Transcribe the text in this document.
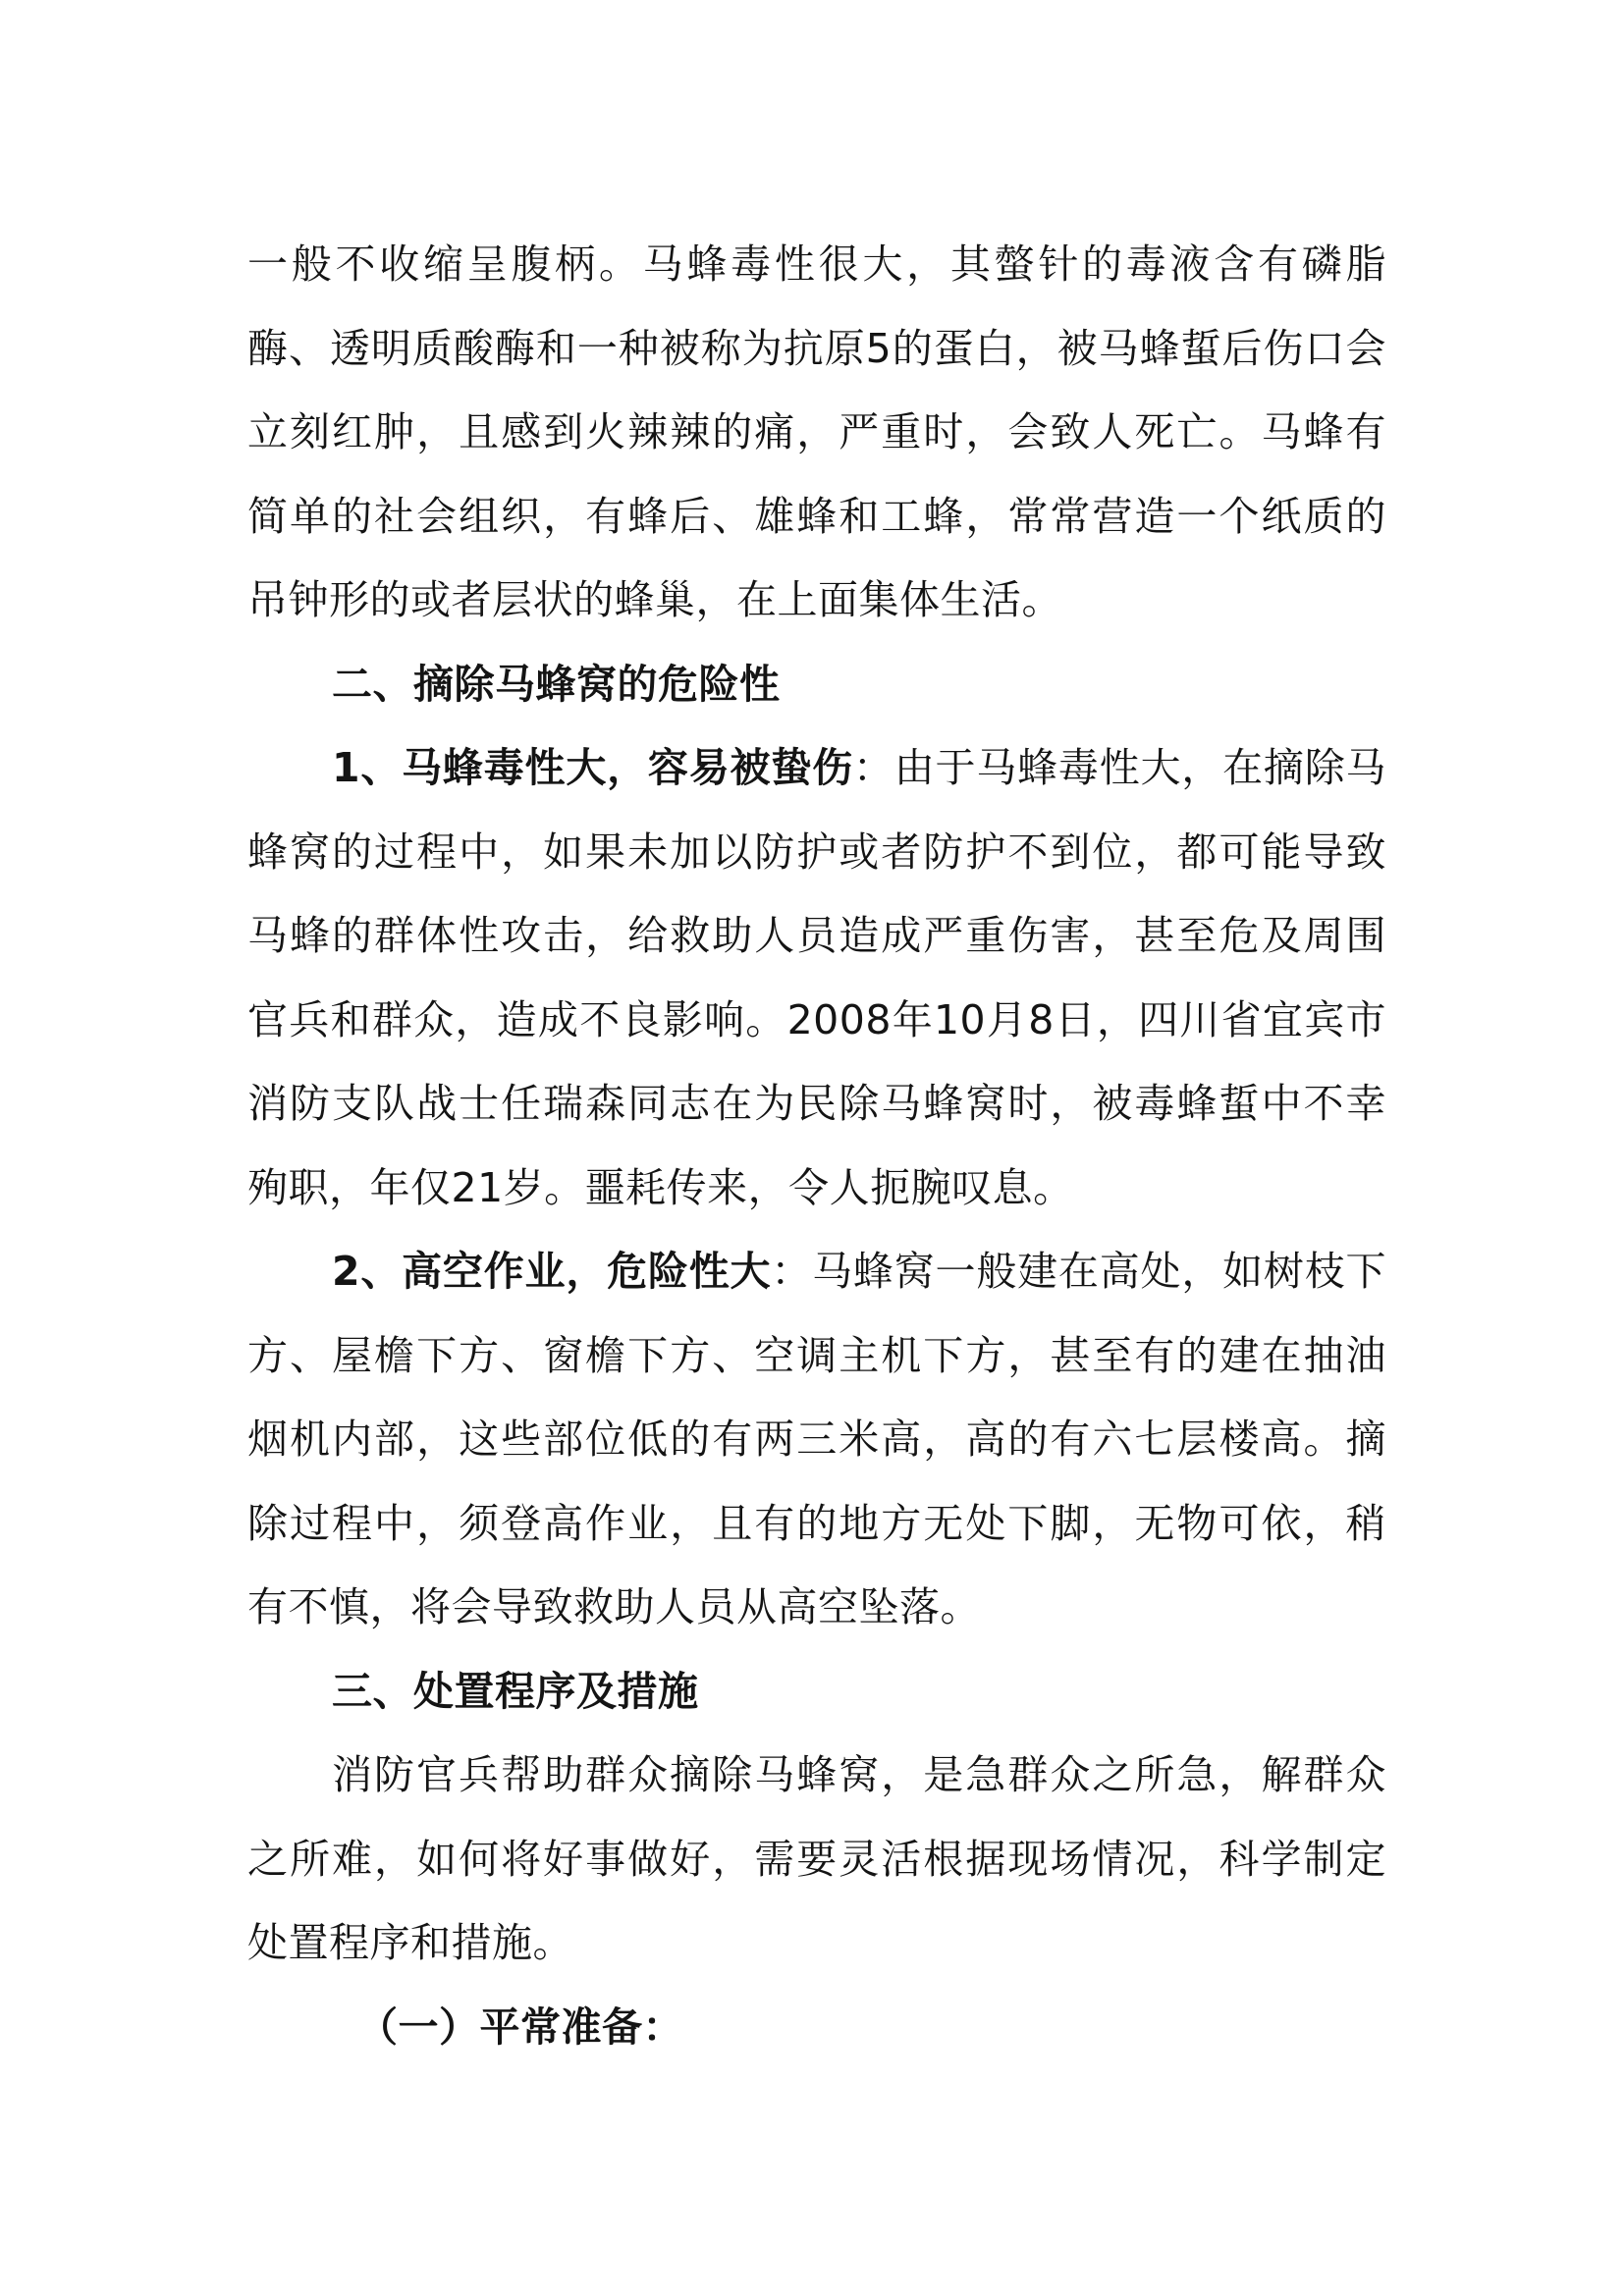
一般不收缩呈腹柄。马蜂毒性很大，其螫针的毒液含有磷脂酶、透明质酸酶和一种被称为抗原5的蛋白，被马蜂蜇后伤口会立刻红肿，且感到火辣辣的痛，严重时，会致人死亡。马蜂有简单的社会组织，有蜂后、雄蜂和工蜂，常常营造一个纸质的吊钟形的或者层状的蜂巢，在上面集体生活。

二、摘除马蜂窝的危险性

1、马蜂毒性大，容易被蛰伤：由于马蜂毒性大，在摘除马蜂窝的过程中，如果未加以防护或者防护不到位，都可能导致马蜂的群体性攻击，给救助人员造成严重伤害，甚至危及周围官兵和群众，造成不良影响。2008年10月8日，四川省宜宾市消防支队战士任瑞森同志在为民除马蜂窝时，被毒蜂蜇中不幸殉职，年仅21岁。噩耗传来，令人扼腕叹息。

2、高空作业，危险性大：马蜂窝一般建在高处，如树枝下方、屋檐下方、窗檐下方、空调主机下方，甚至有的建在抽油烟机内部，这些部位低的有两三米高，高的有六七层楼高。摘除过程中，须登高作业，且有的地方无处下脚，无物可依，稍有不慎，将会导致救助人员从高空坠落。

三、处置程序及措施

消防官兵帮助群众摘除马蜂窝，是急群众之所急，解群众之所难，如何将好事做好，需要灵活根据现场情况，科学制定处置程序和措施。

（一）平常准备：
